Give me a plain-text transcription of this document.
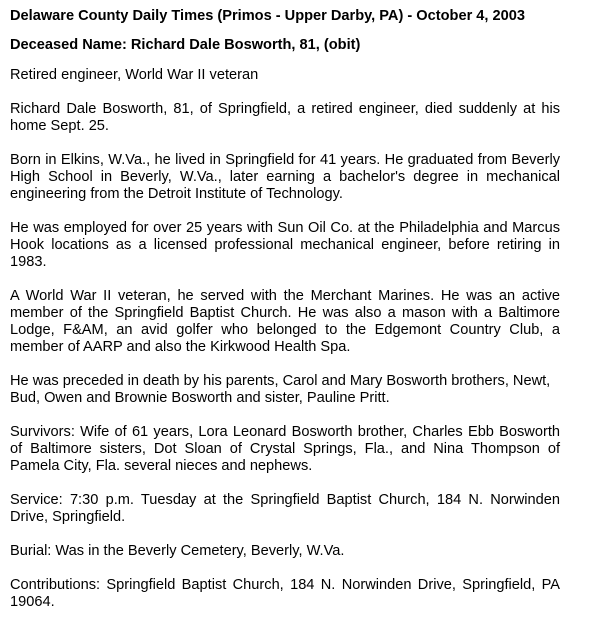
Delaware County Daily Times (Primos - Upper Darby, PA) - October 4, 2003
Deceased Name: Richard Dale Bosworth, 81, (obit)

Retired engineer, World War II veteran

Richard Dale Bosworth, 81, of Springfield, a retired engineer, died suddenly at his home Sept. 25.

Born in Elkins, W.Va., he lived in Springfield for 41 years. He graduated from Beverly High School in Beverly, W.Va., later earning a bachelor's degree in mechanical engineering from the Detroit Institute of Technology.

He was employed for over 25 years with Sun Oil Co. at the Philadelphia and Marcus Hook locations as a licensed professional mechanical engineer, before retiring in 1983.

A World War II veteran, he served with the Merchant Marines. He was an active member of the Springfield Baptist Church. He was also a mason with a Baltimore Lodge, F&AM, an avid golfer who belonged to the Edgemont Country Club, a member of AARP and also the Kirkwood Health Spa.

He was preceded in death by his parents, Carol and Mary Bosworth brothers, Newt, Bud, Owen and Brownie Bosworth and sister, Pauline Pritt.

Survivors: Wife of 61 years, Lora Leonard Bosworth brother, Charles Ebb Bosworth of Baltimore sisters, Dot Sloan of Crystal Springs, Fla., and Nina Thompson of Pamela City, Fla. several nieces and nephews.

Service: 7:30 p.m. Tuesday at the Springfield Baptist Church, 184 N. Norwinden Drive, Springfield.

Burial: Was in the Beverly Cemetery, Beverly, W.Va.

Contributions: Springfield Baptist Church, 184 N. Norwinden Drive, Springfield, PA 19064.
